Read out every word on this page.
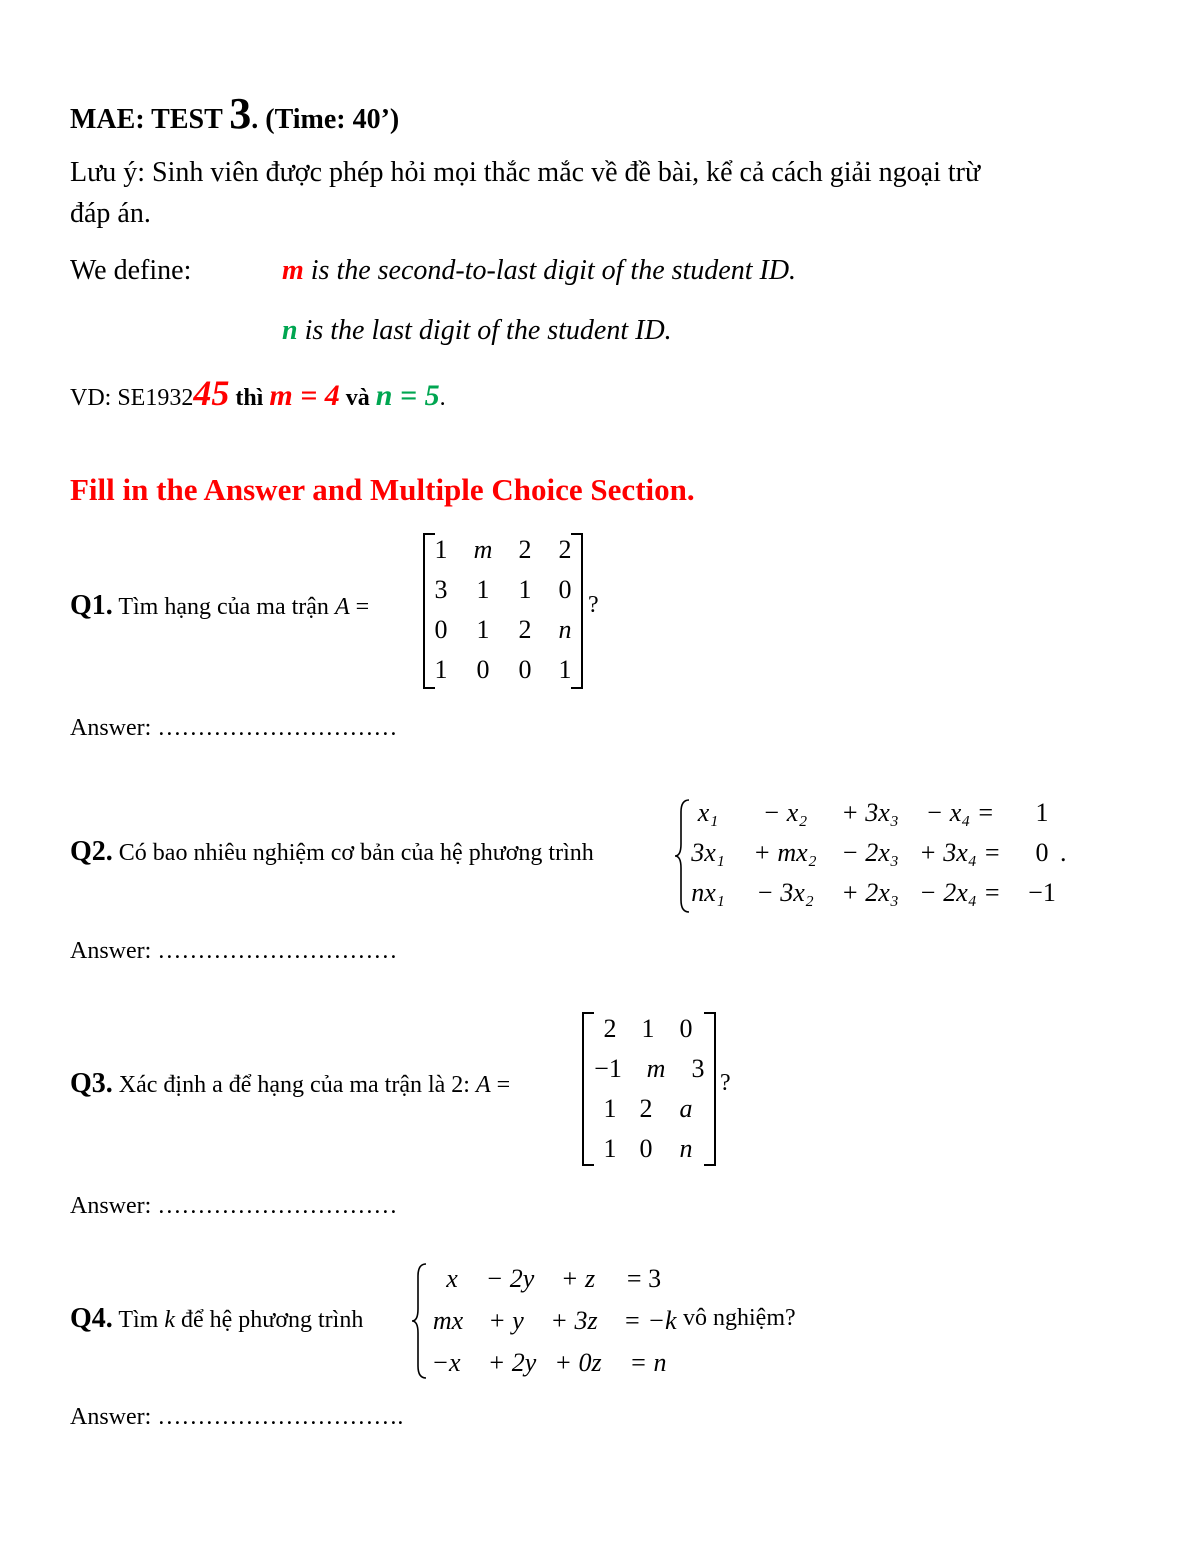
MAE: TEST 3. (Time: 40’)
Lưu ý: Sinh viên được phép hỏi mọi thắc mắc về đề bài, kể cả cách giải ngoại trừ
đáp án.
We define:	m is the second-to-last digit of the student ID.
n is the last digit of the student ID.
VD: SE193245 thì m = 4 và n = 5.
Fill in the Answer and Multiple Choice Section.
Q1. Tìm hạng của ma trận A =
1 m 2 2
3 1 1 0
0 1 2 n
1 0 0 1
?
Answer: …………………………
Q2. Có bao nhiêu nghiệm cơ bản của hệ phương trình
x₁ − x₂ + 3x₃ − x₄ = 1
3x₁ + mx₂ − 2x₃ + 3x₄ = 0
nx₁ − 3x₂ + 2x₃ − 2x₄ = −1
.
Answer: …………………………
Q3. Xác định a để hạng của ma trận là 2: A =
2 1 0
−1 m 3
1 2 a
1 0 n
?
Answer: …………………………
Q4. Tìm k để hệ phương trình
x − 2y + z = 3
mx + y + 3z = −k
−x + 2y + 0z = n
vô nghiệm?
Answer: ………………………….
